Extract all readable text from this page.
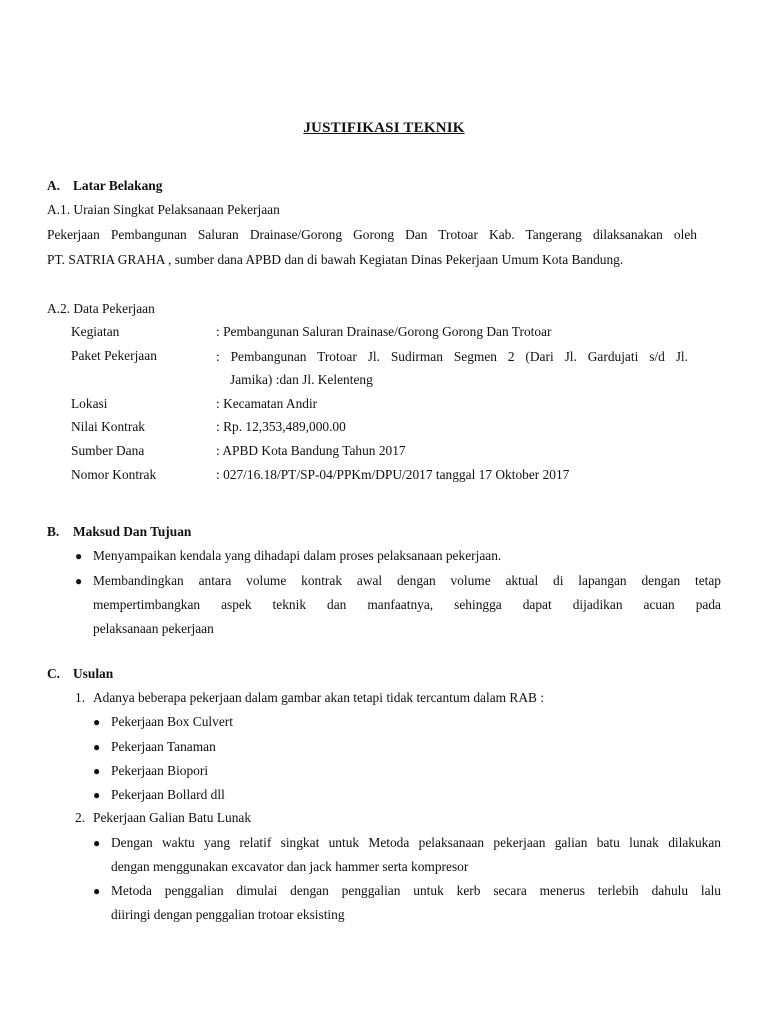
JUSTIFIKASI TEKNIK
A. Latar Belakang
A.1. Uraian Singkat Pelaksanaan Pekerjaan
Pekerjaan Pembangunan Saluran Drainase/Gorong Gorong Dan Trotoar Kab. Tangerang dilaksanakan oleh
PT. SATRIA GRAHA , sumber dana APBD dan di bawah Kegiatan Dinas Pekerjaan Umum Kota Bandung.
A.2. Data Pekerjaan
Kegiatan	: Pembangunan Saluran Drainase/Gorong Gorong Dan Trotoar
Paket Pekerjaan	: Pembangunan Trotoar Jl. Sudirman Segmen 2 (Dari Jl. Gardujati s/d Jl.
Jamika) :dan Jl. Kelenteng
Lokasi	: Kecamatan Andir
Nilai Kontrak	: Rp. 12,353,489,000.00
Sumber Dana	: APBD Kota Bandung Tahun 2017
Nomor Kontrak	: 027/16.18/PT/SP-04/PPKm/DPU/2017 tanggal 17 Oktober 2017
B. Maksud Dan Tujuan
● Menyampaikan kendala yang dihadapi dalam proses pelaksanaan pekerjaan.
● Membandingkan antara volume kontrak awal dengan volume aktual di lapangan dengan tetap
mempertimbangkan aspek teknik dan manfaatnya, sehingga dapat dijadikan acuan pada
pelaksanaan pekerjaan
C. Usulan
1. Adanya beberapa pekerjaan dalam gambar akan tetapi tidak tercantum dalam RAB :
● Pekerjaan Box Culvert
● Pekerjaan Tanaman
● Pekerjaan Biopori
● Pekerjaan Bollard dll
2. Pekerjaan Galian Batu Lunak
● Dengan waktu yang relatif singkat untuk Metoda pelaksanaan pekerjaan galian batu lunak dilakukan
dengan menggunakan excavator dan jack hammer serta kompresor
● Metoda penggalian dimulai dengan penggalian untuk kerb secara menerus terlebih dahulu lalu
diiringi dengan penggalian trotoar eksisting
